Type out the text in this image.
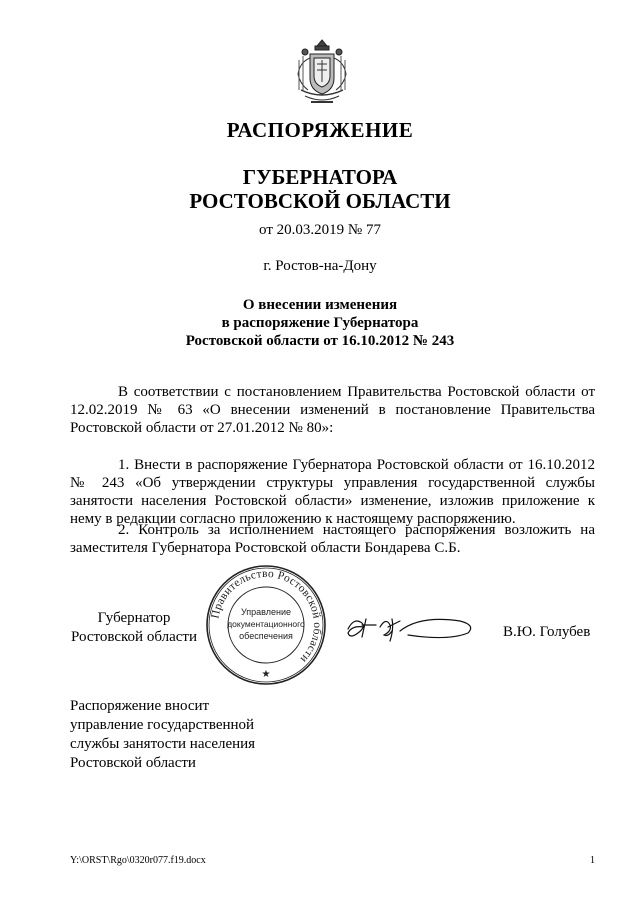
РАСПОРЯЖЕНИЕ
ГУБЕРНАТОРА
РОСТОВСКОЙ ОБЛАСТИ
от 20.03.2019 № 77
г. Ростов-на-Дону
О внесении изменения
в распоряжение Губернатора
Ростовской области от 16.10.2012 № 243
В соответствии с постановлением Правительства Ростовской области от 12.02.2019 № 63 «О внесении изменений в постановление Правительства Ростовской области от 27.01.2012 № 80»:
1. Внести в распоряжение Губернатора Ростовской области от 16.10.2012 № 243 «Об утверждении структуры управления государственной службы занятости населения Ростовской области» изменение, изложив приложение к нему в редакции согласно приложению к настоящему распоряжению.
2. Контроль за исполнением настоящего распоряжения возложить на заместителя Губернатора Ростовской области Бондарева С.Б.
Губернатор
Ростовской области
Правительство Ростовской области
Управление
документационного
обеспечения
★
В.Ю. Голубев
Распоряжение вносит
управление государственной
службы занятости населения
Ростовской области
Y:\ORST\Rgo\0320r077.f19.docx	1
